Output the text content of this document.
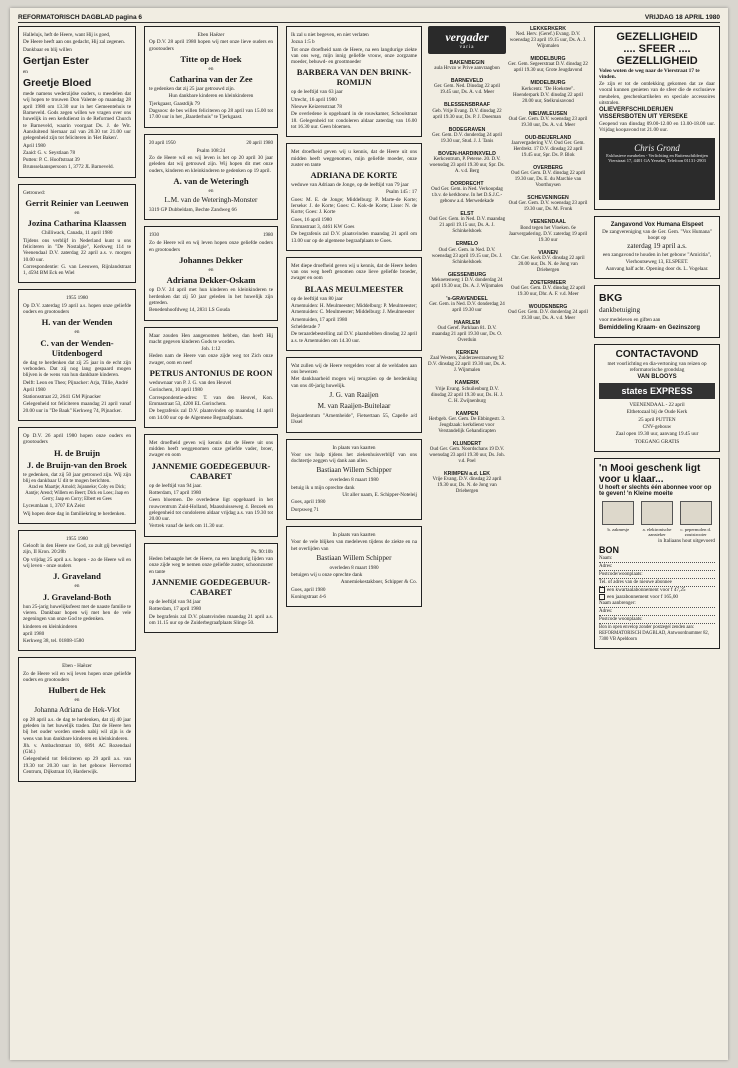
REFORMATORISCH DAGBLAD pagina 6	VRIJDAG 18 APRIL 1980

Hallelujs, heft de Heere, want Hij is goed,

De Heere heeft aan ons gedacht, Hij zal zegenen.

Dankbaar en blij willen

Gertjan Ester

en

Greetje Bloed

mede namens wederzijdse ouders, u meedelen dat wij hopen te trouwen Don Valente op maandag 28 april 1980 om 13.30 uur in het Gemeentehuis te Barneveld. Gods zegen willen we vragen over ons huwelijk in een kerkdienst in de Reformed Church te Barneveld, waarin voorgaat Ds. J. de Wit. Aansluitend hiernaar zal van 20.30 tot 21.00 uur gelegenheid zijn tot feliciteren in 'Het Baken'.

April 1980

Zaaid: G. v. Seystlaan 78

Putten: P. C. Hooftstraat 39

Brunsselaanspersoon 1, 3772 JL Barneveld.

Getrouwd:

Gerrit Reinier van Leeuwen

en

Jozina Catharina Klaassen

Chilliwack, Canada, 11 april 1980

Tijdens ons verblijf in Nederland kunt u ons feliciteren in "De Nostalgie", Kerkweg 114 te Veenendaal D.V. zaterdag 22 april a.s. v. morgen 10.00 uur.

Correspondentie: G. van Leeuwen, Rijnlandstraat 1, 4594 BM Eck en Wiel

1955 1980

Op D.V. zaterdag 19 april a.s. hopen onze geliefde ouders en grootouders

H. van der Wenden

en

C. van der Wenden-Uitdenbogerd

de dag te herdenken dat zij 25 jaar in de echt zijn verbonden. Dat zij nog lang gespaard mogen blijven is de wens van hun dankbare kinderen.

Delft: Leon en Theo; Pijnacker: Arja, Tillie, André

April 1980

Stationsstraat 22, 2641 GM Pijnacker

Gelegenheid tot feliciteren maandag 21 april vanaf 20.00 uur in "De Baak" Kerkweg 74, Pijnacker.

Op D.V. 26 april 1980 hopen onze ouders en grootouders

H. de Bruijn
J. de Bruijn-van den Broek

te gedenken, dat zij 50 jaar getrouwd zijn. Wij zijn blij en dankbaar U dit te mogen berichten.

Arad en Maartje; Arnold; Jojanneke; Coby en Dick; Aantje; Arend; Willem en Beert; Dick en Loes; Jaap en Gerry; Jaap en Corry; Elbert en Gees

Lyceumlaan 1, 3707 EA Zeist

Wij hopen deze dag in familiekring te herdenken.

1955 1980

Gelooft in den Heere uw God, zo zult gij bevestigd zijn, II Kron. 20:20b

Op vrijdag 25 april a.s. hopen - zo de Heere wil en wij leven - onze ouders

J. Graveland

en

J. Graveland-Both

hun 25-jarig huwelijksfeest met de naaste familie te vieren. Dankbaar hopen wij met hen de vele zegeningen van onze God te gedenken.

kinderen en kleinkinderen

april 1980

Kerkweg 38, tel. 01808-1580

Eben - Haëzer

Zo de Heere wil en wij leven hopen onze geliefde ouders en grootouders

Hulbert de Hek

en

Johanna Adriana de Hek-Vlot

op 28 april a.s. de dag te herdenken, dat zij 40 jaar geleden in het huwelijk traden. Dat de Heere hen bij het ouder worden steeds nabij wil zijn is de wens van hun dankbare kinderen en kleinkinderen.

Jlh. v. Ambachtstraat 10, 6891 AC Rozendaal (Gld.)

Gelegenheid tot feliciteren op 29 april a.s. van 19.30 tot 20.30 uur in het gebouw Hervormd Centrum, Dijkstraat 10, Harderwijk.

Eben Haëzer

Op D.V. 28 april 1980 hopen wij met onze lieve ouders en grootouders

Titte op de Hoek

en

Catharina van der Zee

te gedenken dat zij 25 jaar getrouwd zijn.

Hun dankbare kinderen en kleinkinderen

Tjerkgaast, Gaastdijk 79

Dagsoos: de bes willen feliciteren op 28 april van 15.00 tot 17.00 uur in het ,,Baarderhuis" te Tjerkgaast.

20 april 1950	20 april 1980

Psalm 108:24

Zo de Heere wil en wij leven is het op 20 april 30 jaar geleden dat wij getrouwd zijn. Wij hopen dit met onze ouders, kinderen en kleinkinderen te gedenken op 19 april.

A. van de Weteringh

en

L.M. van de Weteringh-Monster

3319 GP Dubbeldam, Bechte Zandweg 66

1930	1980

Zo de Heere wil en wij leven hopen onze geliefde ouders en grootouders

Johannes Dekker

en

Adriana Dekker-Oskam

op D.V. 24 april met hun kinderen en kleinkinderen te herdenken dat zij 50 jaar geleden in het huwelijk zijn getreden.

Benedenhoofdweg 14, 2831 LS Gouda

Maar zouden Hen aangenomen hebben, dan heeft Hij macht gegeven kinderen Gods te worden.

Joh. 1:12

Heden nam de Heere van onze zijde weg tot Zich onze zwager, oom en neef

PETRUS ANTONIUS DE ROON

weduwnaar van P. J. G. van den Heuvel

Gorinchem, 10 april 1980

Correspondentie-adres: T. van den Heuvel, Kon. Emmastraat 53, 4200 EL Gorinchem.

De begrafenis zal D.V. plaatsvinden op maandag 14 april om 14.00 uur op de Algemene Begraafplaats.

Met droefheid geven wij kennis dat de Heere uit ons midden heeft weggenomen onze geliefde vader, broer, zwager en oom

JANNEMIE GOEDEGEBUUR-CABARET

op de leeftijd van 94 jaar.

Rotterdam, 17 april 1980

Geen bloemen. De overledene ligt opgebaard in het rouwcentrum Zuid-Holland, Maassluisseweg 4. Bezoek en gelegenheid tot condoleren aldaar vrijdag a.s. van 19.30 tot 20.00 uur.

Vertrek vanaf de kerk om 11.30 uur.

Ps. 90:10b

Heden behaagde het de Heere, na een langdurig lijden van onze zijde weg te nemen onze geliefde zuster, schoonzuster en tante

JANNEMIE GOEDEGEBUUR-CABARET

op de leeftijd van 94 jaar

Rotterdam, 17 april 1980

De begrafenis zal D.V. plaatsvinden maandag 21 april a.s. om 11.15 uur op de Zuiderbegraafplaats Slinge 50.

Ik zal u niet begeven, en niet verlaten

Jozua 1:5 b

Tot onze droefheid nam de Heere, na een langdurige ziekte van ons weg, mijn innig geliefde vrouw, onze zorgzame moeder, behuwd- en grootmoeder

BARBERA VAN DEN BRINK- ROMIJN

op de leeftijd van 63 jaar

Utrecht, 16 april 1980

Nieuwe Keizersstraat 78

De overledene is opgebaard in de rouwkamer, Schoolstraat 18. Gelegenheid tot condoleren aldaar zaterdag van 16.00 tot 16.30 uur. Geen bloemen.

Met droefheid geven wij u kennis, dat de Heere uit ons midden heeft weggenomen, mijn geliefde moeder, onze zuster en tante

ADRIANA DE KORTE

weduwe van Adriaan de Jonge, op de leeftijd van 79 jaar

Psalm 145 : 17

Goes: M. E. de Jonge; Middelburg: P. Marte-de Korte; Ierseke: J. de Korte; Goes: C. Kok-de Korte; Lisse: N. de Korte; Goes: J. Korte

Goes, 16 april 1980

Emmastraat 3, 4461 KW Goes

De begrafenis zal D.V. plaatsvinden maandag 21 april om 13.00 uur op de algemene begraafplaats te Goes.

Met diepe droefheid geven wij u kennis, dat de Heere heden van ons weg heeft genomen onze lieve geliefde broeder, zwager en oom

BLAAS MEULMEESTER

op de leeftijd van 80 jaar

Arnemuiden: H. Meulmeester; Middelburg: P. Meulmeester; Arnemuiden: C. Meulmeester; Middelburg: J. Meulmeester

Arnemuiden, 17 april 1980

Schelderade 7

De teraardebestelling zal D.V. plaatshebben dinsdag 22 april a.s. te Arnemuiden om 14.30 uur.

Wat zullen wij de Heere vergelden voor al de weldaden aan ons bewezen

Met dankbaarheid mogen wij terugzien op de herdenking van ons 40-jarig huwelijk.

J. G. van Raaijen
M. van Raaijen-Buitelaar

Bejaardentum "Arnemheide", Fietsertaan 55, Capelle a/d IJssel

In plaats van kaarten

Voor uw hulp tijdens het ziekenhuisverblijf van ons dochtertje zeggen wij dank aan allen.

Bastiaan Willem Schipper

overleden 8 maart 1980

betuig ik u mijn oprechte dank

Uit aller naam, E. Schipper-Noteleij

Goes, april 1980

Dorpsweg 71

In plaats van kaarten

Voor de vele blijken van medeleven tijdens de ziekte en na het overlijden van

Bastiaan Willem Schipper

overleden 8 maart 1980

betuigen wij u onze oprechte dank

Annemiekestakboer, Schipper & Co.

Goes, april 1980

Koningstraat 4-6

vergader
varia
BAKENBEGIN
aula Hrvzo w Prive aanvraagbon
BARNEVELD
Ger. Gem. Ned. Dinsdag 22 april 19.45 uur, Ds. A. v.d. Meer
BLESSENSBRAAF
Geb. Vrije Evang. D.V. dinsdag 22 april 19.30 uur, Ds. P. J. Doesman
BODEGRAVEN
Ger. Gem. D.V. donderdag 24 april 19.30 uur, Stud. J. J. Tanis
BOVEN-HARDINXVELD
Kerkcentrum, P. Peterse. 20. D.V. woensdag 23 april 19.30 uur, Spr. Ds. A. v.d. Berg
DORDRECHT
Oud Ger. Gem. in Ned. Verkoopdag t.b.v. de kerkbouw. In het D.S.J.C.-gebouw a.d. Merwedekade
ELST
Oud Ger. Gem. in Ned. D.V. maandag 21 april 19.15 uur, Ds. A. J. Schinkelshoek
ERMELO
Oud Ger. Gem. in Ned. D.V. woensdag 23 april 19.15 uur, Ds. J. Schinkelshoek
GIESSENBURG
Mekoetenweg 1 D.V. donderdag 24 april 19.30 uur, Ds. A. J. Wijnmalen
's-GRAVENDEEL
Ger. Gem. in Ned. D.V. donderdag 24 april 19.30 uur
HAARLEM
Oud Geref. Parklaan 81. D.V. maandag 21 april 19.30 uur, Ds. O. Overduin
KERKEN
Zaal Westers, Zuiderzeestraatweg 92 D.V. dinsdag 22 april 19.30 uur, Ds. A. J. Wijnmalen
KAMERIK
Vrije Evang. Schuilenburg D.V. dinsdag 22 april 19.30 uur, Ds. H. J. C. H. Zwijnenburg
KAMPEN
Herbgeb. Ger. Gem. De Ebbingestr. 3. Jeugdzaak: kerkdienst voor Verstandelijk Gehandicapten
KLUNDERT
Oud Ger. Gem. Noordschans 19 D.V. woensdag 23 april 19.30 uur, Ds. Joh. v.d. Poel
KRIMPEN a.d. LEK
Vrije Evang. D.V. dinsdag 22 april 19.30 uur, Ds. N. de Jong van Driebergen
LEKKERKERK
Ned. Herv. (Geref.) Evang. D.V. woensdag 23 april 19.15 uur, Ds. A. J. Wijnmalen
MIDDELBURG
Ger. Gem. Segeerstraat D.V. dinsdag 22 april 19.30 uur, Grote Jeugdavond
MIDDELBURG
Kerkcentr. "De Hoekstee". Hoenderpark D.V. dinsdag 22 april 20.00 uur, Stelkruisavond
NIEUWLEUSEN
Oud Ger. Gem. D.V. woensdag 23 april 19.30 uur, Ds. A. v.d. Meer
OUD-BEIJERLAND
Jaarvergadering V.V. Oud Ger. Gem. Herdrekt. 17 D.V. dinsdag 22 april 19.45 uur, Spr. Ds. P. Blok
OVERBERG
Oud Ger. Gem. D.V. dinsdag 22 april 19.30 uur, Ds. E. du Marchie van Voorthuysen
SCHEVENINGEN
Oud Ger. Gem. D.V. woensdag 23 april 19.30 uur, Ds. M. Fronk
VEENENDAAL
Bond tegen het Vloeken. 6e Jaarvergadering. D.V. zaterdag 19 april 19.30 uur
VIANEN
Chr. Ger. Kerk D.V. dinsdag 22 april 20.00 uur, Ds. N. de Jong van Driebergen
ZOETERMEER
Oud Ger. Gem. D.V. dinsdag 22 april 19.30 uur, Dhr. A. F. v.d. Meer
WOUDENBERG
Oud Ger. Gem. D.V. donderdag 24 april 19.30 uur, Ds. A. v.d. Meer
GEZELLIGHEID
.... SFEER ....
GEZELLIGHEID

Voleo woten de weg naar de Vierstraat 17 te vinden.

Ze zijn er tot de ontdekking gekomen dat ze daar vooral kunnen genieten van de sfeer die de exclusieve meubelen, geschenkartikelen en speciale accessoires uitstralen.

OLIEVERFSCHILDERIJEN

VISSERSBOTEN UIT YERSEKE

Geopend van dinsdag 09.00-12.00 en 13.00-18.00 uur. Vrijdag koopavond tot 21.00 uur.

Chris Grond
Exklusieve meubelen - Verlichting en Buitenschilderijen
Vierstraat 17, 4401 GA Yerseke, Telefoon 01131-2903

Zangavond Vox Humana Elspeet

De zangvereniging van de Ger. Gem. "Vox Humana" hoopt op

zaterdag 19 april a.s.

een zangavond te houden in het gebouw "Amicitia", Vierhoutseweg 13, ELSPEET.

Aanvang half acht. Opening door ds. L. Vogelaar.

BKG
dankbetuiging

voor medeleven en giften aan

Bemiddeling Kraam- en Gezinszorg

CONTACTAVOND

met voorlichting en dia-vertoning van reizen op reformatorische grondslag

VAN BLOOYS

states EXPRESS

VEENENDAAL - 22 april

Elthetozaal bij de Oude Kerk

25 april PUTTEN

CNV-gebouw

Zaal open 19.30 uur, aanvang 19.45 uur

TOEGANG GRATIS

'n Mooi geschenk ligt voor u klaar...
U hoeft er slechts één abonnee voor op te geven! 'n Kleine moeite
b. zakmesje	a. elektronische aansteker
c. pepermolen d. zoutstrooier

in Italiaans hout uitgevoerd

BON
Naam:
Adres:
Postcode/woonplaats:
Tel. of adres van de nieuwe abonnee
een kwartaalabonnement voor f 47,25
een jaarabonnement voor f 165,00
Naam aanbrenger:
Adres:
Postcode woonplaats:

Bon in open envelop zonder postzegel zenden aan: REFORMATORISCH DAGBLAD, Antwoordnummer 82, 7300 VB Apeldoorn
